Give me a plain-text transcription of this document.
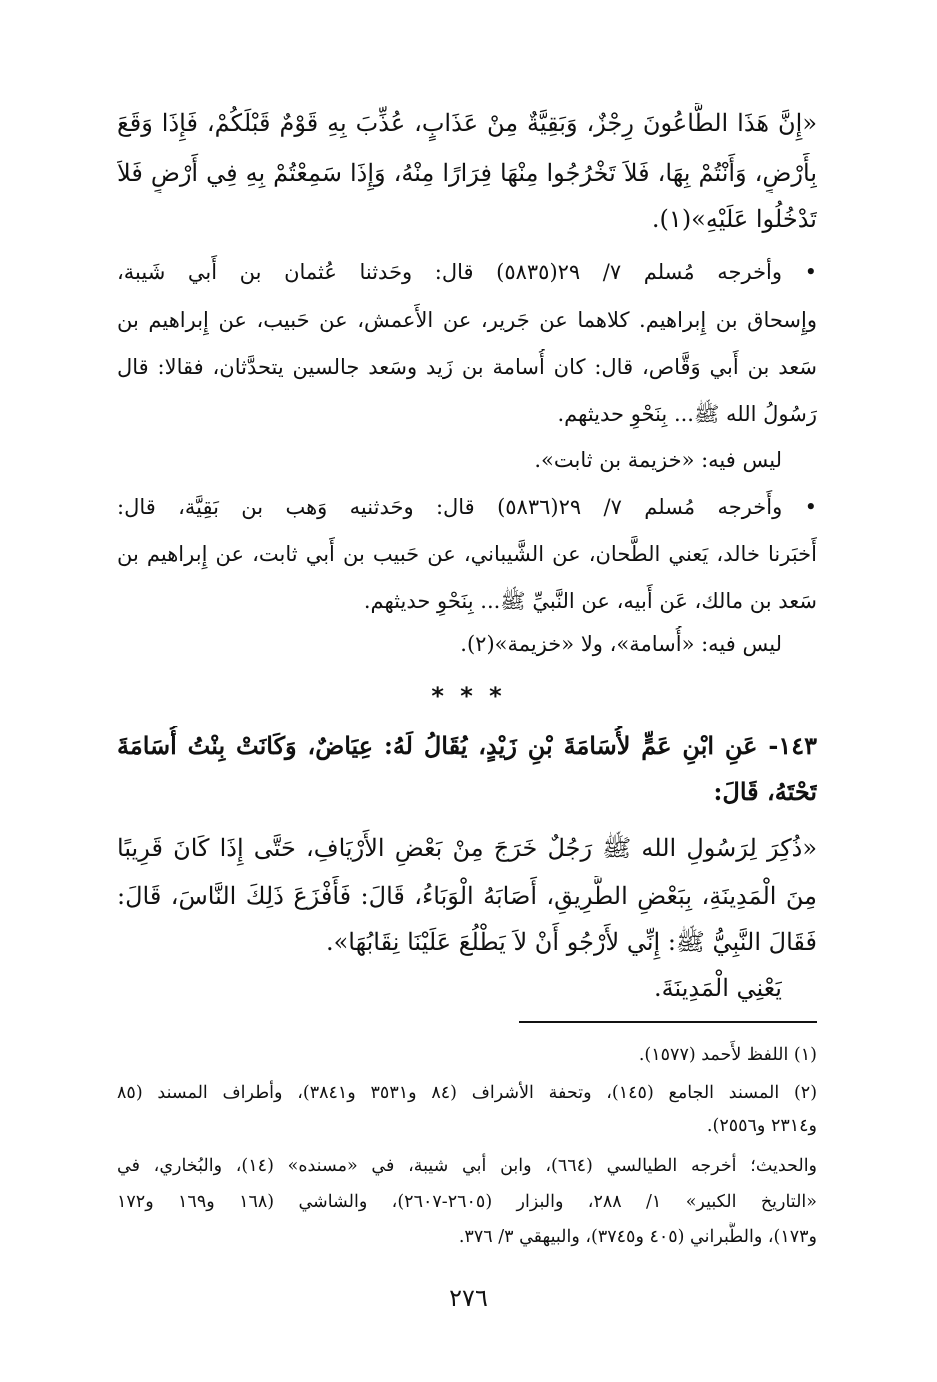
«إِنَّ هَذَا الطَّاعُونَ رِجْزٌ، وَبَقِيَّةٌ مِنْ عَذَابٍ، عُذِّبَ بِهِ قَوْمٌ قَبْلَكُمْ، فَإِذَا وَقَعَ
بِأَرْضٍ، وَأَنْتُمْ بِهَا، فَلاَ تَخْرُجُوا مِنْهَا فِرَارًا مِنْهُ، وَإِذَا سَمِعْتُمْ بِهِ فِي أَرْضٍ فَلاَ
تَدْخُلُوا عَلَيْهِ»(١).
• وأخرجه مُسلم ٧/ ٢٩(٥٨٣٥) قال: وحَدثنا عُثمان بن أَبي شَيبة،
وإِسحاق بن إِبراهيم. كلاهما عن جَرير، عن الأَعمش، عن حَبيب، عن إِبراهيم بن
سَعد بن أَبي وَقَّاص، قال: كان أُسامة بن زَيد وسَعد جالسين يتحدَّثان، فقالا: قال
رَسُولُ الله ﷺ... بِنَحْوِ حديثهم.
ليس فيه: «خزيمة بن ثابت».
• وأَخرجه مُسلم ٧/ ٢٩(٥٨٣٦) قال: وحَدثنيه وَهب بن بَقِيَّة، قال:
أَخبَرنا خالد، يَعني الطَّحان، عن الشَّيباني، عن حَبيب بن أَبي ثابت، عن إِبراهيم بن
سَعد بن مالك، عَن أَبيه، عن النَّبيِّ ﷺ... بِنَحْوِ حديثهم.
ليس فيه: «أُسامة»، ولا «خزيمة»(٢).
* * *
١٤٣- عَنِ ابْنِ عَمٍّ لأُسَامَةَ بْنِ زَيْدٍ، يُقَالُ لَهُ: عِيَاضٌ، وَكَانَتْ بِنْتُ أُسَامَةَ
تَحْتَهُ، قَالَ:
«ذُكِرَ لِرَسُولِ الله ﷺ رَجُلٌ خَرَجَ مِنْ بَعْضِ الأَرْيَافِ، حَتَّى إِذَا كَانَ قَرِيبًا
مِنَ الْمَدِينَةِ، بِبَعْضِ الطَّرِيقِ، أَصَابَهُ الْوَبَاءُ، قَالَ: فَأَفْزَعَ ذَلِكَ النَّاسَ، قَالَ:
فَقَالَ النَّبِيُّ ﷺ: إِنِّي لأَرْجُو أَنْ لاَ يَطْلُعَ عَلَيْنَا نِقَابُهَا».
يَعْنِي الْمَدِينَةَ.
(١) اللفظ لأَحمد (١٥٧٧).
(٢) المسند الجامع (١٤٥)، وتحفة الأشراف (٨٤ و٣٥٣١ و٣٨٤١)، وأطراف المسند (٨٥
و٢٣١٤ و٢٥٥٦).
والحديث؛ أخرجه الطيالسي (٦٦٤)، وابن أبي شيبة، في «مسنده» (١٤)، والبُخاري، في
«التاريخ الكبير» ١/ ٢٨٨، والبزار (٢٦٠٥-٢٦٠٧)، والشاشي (١٦٨ و١٦٩ و١٧٢
و١٧٣)، والطَّبراني (٤٠٥ و٣٧٤٥)، والبيهقي ٣/ ٣٧٦.
٢٧٦
